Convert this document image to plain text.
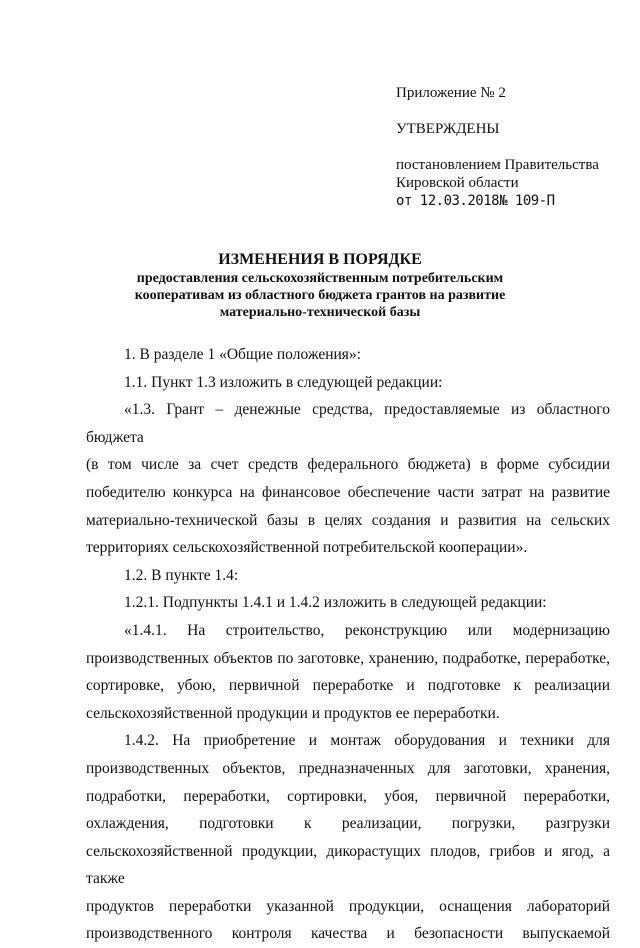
Приложение № 2
УТВЕРЖДЕНЫ
постановлением Правительства
Кировской области
от 12.03.2018№ 109-П
ИЗМЕНЕНИЯ В ПОРЯДКЕ
предоставления сельскохозяйственным потребительским
кооперативам из областного бюджета грантов на развитие
материально-технической базы

1. В разделе 1 «Общие положения»:

1.1. Пункт 1.3 изложить в следующей редакции:

«1.3. Грант – денежные средства, предоставляемые из областного бюджета

(в том числе за счет средств федерального бюджета) в форме субсидии

победителю конкурса на финансовое обеспечение части затрат на развитие

материально-технической базы в целях создания и развития на сельских

территориях сельскохозяйственной потребительской кооперации».

1.2. В пункте 1.4:

1.2.1. Подпункты 1.4.1 и 1.4.2 изложить в следующей редакции:

«1.4.1. На строительство, реконструкцию или модернизацию

производственных объектов по заготовке, хранению, подработке, переработке,

сортировке, убою, первичной переработке и подготовке к реализации

сельскохозяйственной продукции и продуктов ее переработки.

1.4.2. На приобретение и монтаж оборудования и техники для

производственных объектов, предназначенных для заготовки, хранения,

подработки, переработки, сортировки, убоя, первичной переработки,

охлаждения, подготовки к реализации, погрузки, разгрузки

сельскохозяйственной продукции, дикорастущих плодов, грибов и ягод, а также

продуктов переработки указанной продукции, оснащения лабораторий

производственного контроля качества и безопасности выпускаемой
